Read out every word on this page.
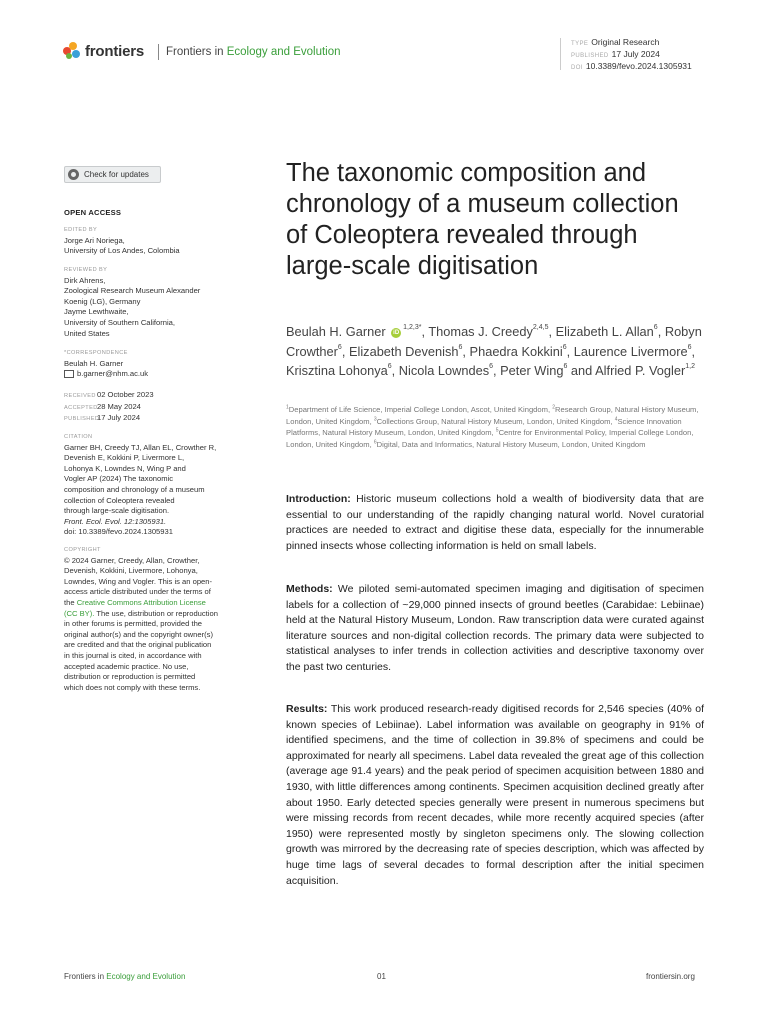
frontiers Frontiers in Ecology and Evolution
TYPE Original Research
PUBLISHED 17 July 2024
DOI 10.3389/fevo.2024.1305931
Check for updates
OPEN ACCESS
EDITED BY
Jorge Ari Noriega,
University of Los Andes, Colombia
REVIEWED BY
Dirk Ahrens,
Zoological Research Museum Alexander
Koenig (LG), Germany
Jayme Lewthwaite,
University of Southern California,
United States
*CORRESPONDENCE
Beulah H. Garner
b.garner@nhm.ac.uk
RECEIVED02 October 2023
ACCEPTED28 May 2024
PUBLISHED17 July 2024
CITATION
Garner BH, Creedy TJ, Allan EL, Crowther R,
Devenish E, Kokkini P, Livermore L,
Lohonya K, Lowndes N, Wing P and
Vogler AP (2024) The taxonomic
composition and chronology of a museum
collection of Coleoptera revealed
through large-scale digitisation.
Front. Ecol. Evol. 12:1305931.
doi: 10.3389/fevo.2024.1305931
COPYRIGHT
© 2024 Garner, Creedy, Allan, Crowther,
Devenish, Kokkini, Livermore, Lohonya,
Lowndes, Wing and Vogler. This is an open-
access article distributed under the terms of
the Creative Commons Attribution License
(CC BY). The use, distribution or reproduction
in other forums is permitted, provided the
original author(s) and the copyright owner(s)
are credited and that the original publication
in this journal is cited, in accordance with
accepted academic practice. No use,
distribution or reproduction is permitted
which does not comply with these terms.
The taxonomic composition and chronology of a museum collection of Coleoptera revealed through large-scale digitisation
Beulah H. Garner $iD^{1,2,3*}$, Thomas J. Creedy$^{2,4,5}$, Elizabeth L. Allan$^6$, Robyn Crowther$^6$, Elizabeth Devenish$^6$, Phaedra Kokkini$^6$, Laurence Livermore$^6$, Krisztina Lohonya$^6$, Nicola Lowndes$^6$, Peter Wing$^6$ and Alfried P. Vogler$^{1,2}$
$^1$Department of Life Science, Imperial College London, Ascot, United Kingdom, $^2$Research Group, Natural History Museum, London, United Kingdom, $^3$Collections Group, Natural History Museum, London, United Kingdom, $^4$Science Innovation Platforms, Natural History Museum, London, United Kingdom, $^5$Centre for Environmental Policy, Imperial College London, London, United Kingdom, $^6$Digital, Data and Informatics, Natural History Museum, London, United Kingdom

Introduction: Historic museum collections hold a wealth of biodiversity data that are essential to our understanding of the rapidly changing natural world. Novel curatorial practices are needed to extract and digitise these data, especially for the innumerable pinned insects whose collecting information is held on small labels.

Methods: We piloted semi-automated specimen imaging and digitisation of specimen labels for a collection of ~29,000 pinned insects of ground beetles (Carabidae: Lebiinae) held at the Natural History Museum, London. Raw transcription data were curated against literature sources and non-digital collection records. The primary data were subjected to statistical analyses to infer trends in collection activities and descriptive taxonomy over the past two centuries.

Results: This work produced research-ready digitised records for 2,546 species (40% of known species of Lebiinae). Label information was available on geography in 91% of identified specimens, and the time of collection in 39.8% of specimens and could be approximated for nearly all specimens. Label data revealed the great age of this collection (average age 91.4 years) and the peak period of specimen acquisition between 1880 and 1930, with little differences among continents. Specimen acquisition declined greatly after about 1950. Early detected species generally were present in numerous specimens but were missing records from recent decades, while more recently acquired species (after 1950) were represented mostly by singleton specimens only. The slowing collection growth was mirrored by the decreasing rate of species description, which was affected by huge time lags of several decades to formal description after the initial specimen acquisition.

Frontiers in Ecology and Evolution	01	frontiersin.org
